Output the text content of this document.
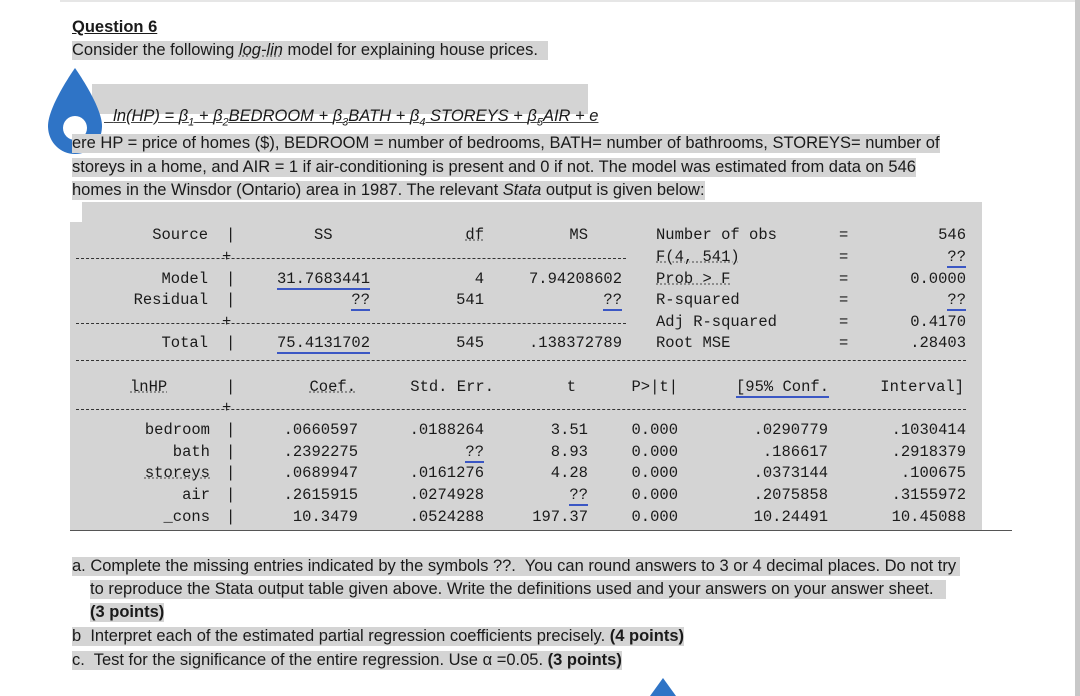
Question 6
Consider the following log-lin model for explaining house prices.

$\ln(HP) = \beta_1$ + $\beta_2BEDROOM$ + $\beta_3BATH + \beta_4$ STOREYS + $\beta_5AIR + e$

ere HP = price of homes ($), BEDROOM = number of bedrooms, BATH= number of bathrooms, STOREYS= number of
storeys in a home, and AIR = 1 if air-conditioning is present and 0 if not. The model was estimated from data on 546
homes in the Winsdor (Ontario) area in 1987. The relevant Stata output is given below:
Source |	SS	df	MS
+
Model |	31.7683441	4	7.94208602
Residual |	??	541	??
Total |	75.4131702	545	.138372789
+
Number of obs	=	546
F(4, 541)	=	??
Prob > F	=	0.0000
R-squared	=	??
Adj R-squared	=	0.4170
Root MSE	=	.28403
lnHP	|	Coef.	Std. Err.	t	P>|t|	[95% Conf.	Interval]
+
bedroom |	.0660597	.0188264	3.51	0.000	.0290779	.1030414
bath |	.2392275	??	8.93	0.000	.186617	.2918379
storeys |	.0689947	.0161276	4.28	0.000	.0373144	.100675
air |	.2615915	.0274928	??	0.000	.2075858	.3155972
_cons |	10.3479	.0524288	197.37	0.000	10.24491	10.45088
a. Complete the missing entries indicated by the symbols ??.  You can round answers to 3 or 4 decimal places. Do not try
to reproduce the Stata output table given above. Write the definitions used and your answers on your answer sheet.
(3 points)
b  Interpret each of the estimated partial regression coefficients precisely. (4 points)
c.  Test for the significance of the entire regression. Use α =0.05. (3 points)
